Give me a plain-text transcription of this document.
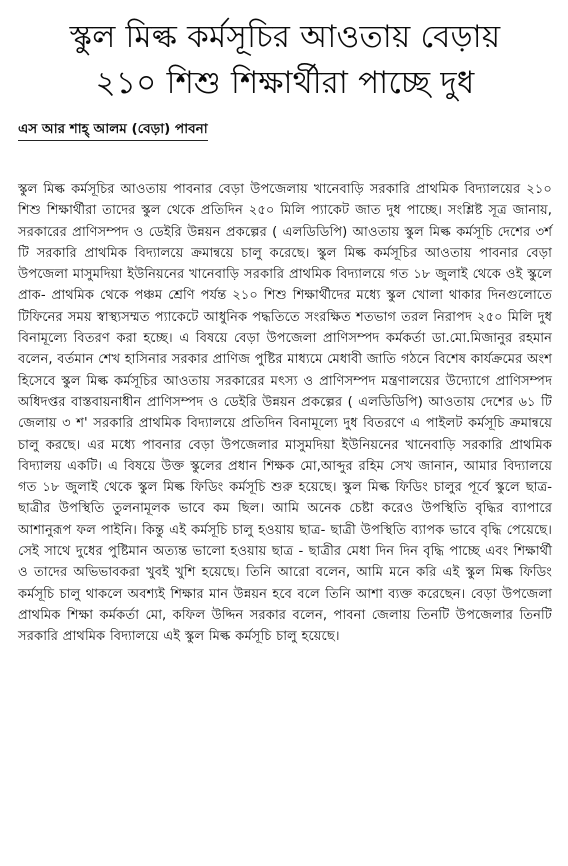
স্কুল মিল্ক কর্মসূচির আওতায় বেড়ায়
২১০ শিশু শিক্ষার্থীরা পাচ্ছে দুধ
এস আর শাহ্ আলম (বেড়া) পাবনা

স্কুল মিল্ক কর্মসূচির আওতায় পাবনার বেড়া উপজেলায় খানেবাড়ি সরকারি প্রাথমিক বিদ্যালয়ের ২১০ শিশু শিক্ষার্থীরা তাদের স্কুল থেকে প্রতিদিন ২৫০ মিলি প্যাকেট জাত দুধ পাচ্ছে। সংশ্লিষ্ট সূত্র জানায়, সরকারের প্রাণিসম্পদ ও ডেইরি উন্নয়ন প্রকল্পের ( এলডিডিপি) আওতায় স্কুল মিল্ক কর্মসূচি দেশের ৩র্শ টি সরকারি প্রাথমিক বিদ্যালয়ে ক্রমান্বয়ে চালু করেছে। স্কুল মিল্ক কর্মসূচির আওতায় পাবনার বেড়া উপজেলা মাসুমদিয়া ইউনিয়নের খানেবাড়ি সরকারি প্রাথমিক বিদ্যালয়ে গত ১৮ জুলাই থেকে ওই স্কুলে প্রাক- প্রাথমিক থেকে পঞ্চম শ্রেণি পর্যন্ত ২১০ শিশু শিক্ষার্থীদের মধ্যে স্কুল খোলা থাকার দিনগুলোতে টিফিনের সময় স্বাস্থ্যসম্মত প্যাকেটে আধুনিক পদ্ধতিতে সংরক্ষিত শতভাগ তরল নিরাপদ ২৫০ মিলি দুধ বিনামূল্যে বিতরণ করা হচ্ছে। এ বিষয়ে বেড়া উপজেলা প্রাণিসম্পদ কর্মকর্তা ডা.মো.মিজানুর রহমান বলেন, বর্তমান শেখ হাসিনার সরকার প্রাণিজ পুষ্টির মাধ্যমে মেধাবী জাতি গঠনে বিশেষ কার্যক্রমের অংশ হিসেবে স্কুল মিল্ক কর্মসূচির আওতায় সরকারের মৎস্য ও প্রাণিসম্পদ মন্ত্রণালয়ের উদ্যোগে প্রাণিসম্পদ অধিদপ্তর বাস্তবায়নাধীন প্রাণিসম্পদ ও ডেইরি উন্নয়ন প্রকল্পের ( এলডিডিপি) আওতায় দেশের ৬১ টি জেলায় ৩ শ' সরকারি প্রাথমিক বিদ্যালয়ে প্রতিদিন বিনামূল্যে দুধ বিতরণে এ পাইলট কর্মসূচি ক্রমান্বয়ে চালু করছে। এর মধ্যে পাবনার বেড়া উপজেলার মাসুমদিয়া ইউনিয়নের খানেবাড়ি সরকারি প্রাথমিক বিদ্যালয় একটি। এ বিষয়ে উক্ত স্কুলের প্রধান শিক্ষক মো,আব্দুর রহিম সেখ জানান, আমার বিদ্যালয়ে গত ১৮ জুলাই থেকে স্কুল মিল্ক ফিডিং কর্মসূচি শুরু হয়েছে। স্কুল মিল্ক ফিডিং চালুর পূর্বে স্কুলে ছাত্র- ছাত্রীর উপস্থিতি তুলনামূলক ভাবে কম ছিল। আমি অনেক চেষ্টা করেও উপস্থিতি বৃদ্ধির ব্যাপারে আশানুরূপ ফল পাইনি। কিন্তু এই কর্মসূচি চালু হওয়ায় ছাত্র- ছাত্রী উপস্থিতি ব্যাপক ভাবে বৃদ্ধি পেয়েছে। সেই সাথে দুধের পুষ্টিমান অত্যন্ত ভালো হওয়ায় ছাত্র - ছাত্রীর মেধা দিন দিন বৃদ্ধি পাচ্ছে এবং শিক্ষার্থী ও তাদের অভিভাবকরা খুবই খুশি হয়েছে। তিনি আরো বলেন, আমি মনে করি এই স্কুল মিল্ক ফিডিং কর্মসূচি চালু থাকলে অবশ্যই শিক্ষার মান উন্নয়ন হবে বলে তিনি আশা ব্যক্ত করেছেন। বেড়া উপজেলা প্রাথমিক শিক্ষা কর্মকর্তা মো, কফিল উদ্দিন সরকার বলেন, পাবনা জেলায় তিনটি উপজেলার তিনটি সরকারি প্রাথমিক বিদ্যালয়ে এই স্কুল মিল্ক কর্মসূচি চালু হয়েছে।
